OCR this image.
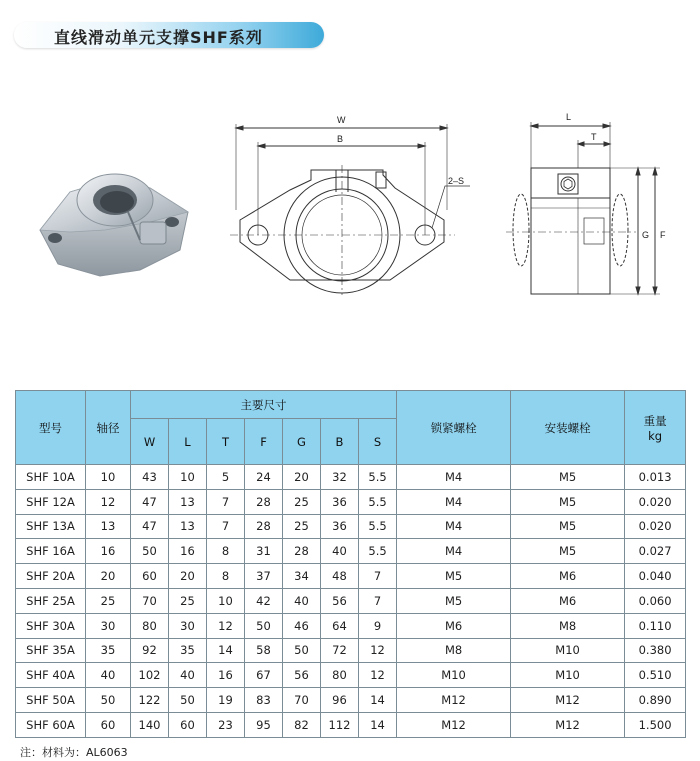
直线滑动单元支撑SHF系列
W
B
2–S
L
T
G F
型号	轴径	主要尺寸							锁紧螺栓	安装螺栓	重量
kg
		W	L	T	F	G	B	S			
SHF 10A	10	43	10	5	24	20	32	5.5	M4	M5	0.013
SHF 12A	12	47	13	7	28	25	36	5.5	M4	M5	0.020
SHF 13A	13	47	13	7	28	25	36	5.5	M4	M5	0.020
SHF 16A	16	50	16	8	31	28	40	5.5	M4	M5	0.027
SHF 20A	20	60	20	8	37	34	48	7	M5	M6	0.040
SHF 25A	25	70	25	10	42	40	56	7	M5	M6	0.060
SHF 30A	30	80	30	12	50	46	64	9	M6	M8	0.110
SHF 35A	35	92	35	14	58	50	72	12	M8	M10	0.380
SHF 40A	40	102	40	16	67	56	80	12	M10	M10	0.510
SHF 50A	50	122	50	19	83	70	96	14	M12	M12	0.890
SHF 60A	60	140	60	23	95	82	112	14	M12	M12	1.500
注：材料为：AL6063
